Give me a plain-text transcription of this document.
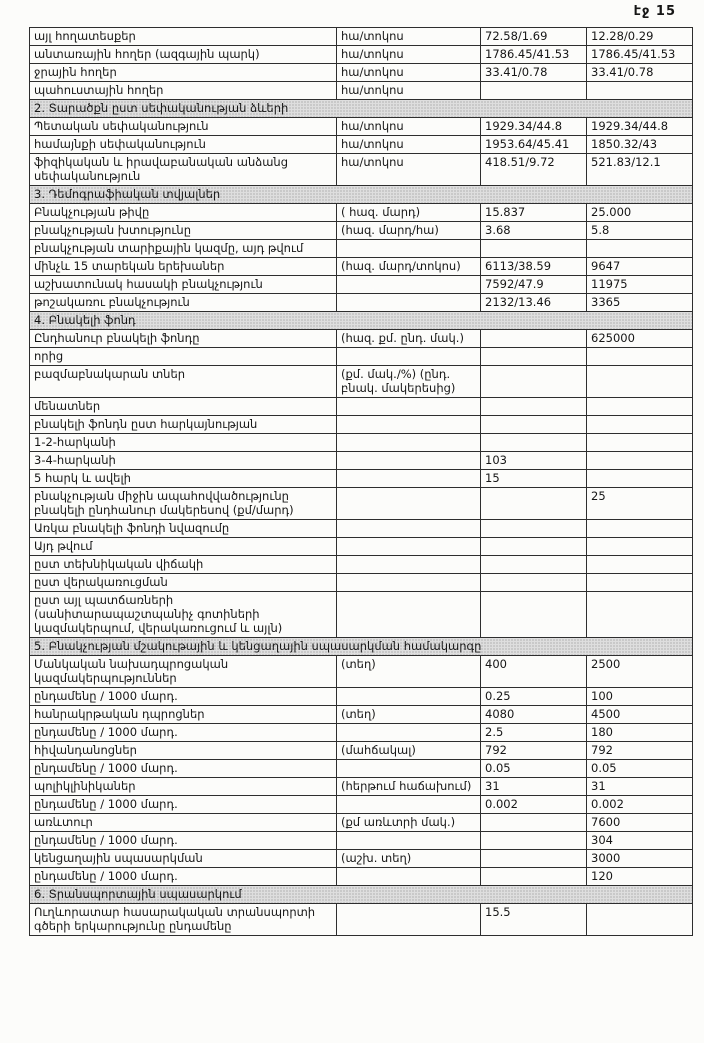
էջ 15
այլ հողատեսքեր	հա/տոկոս	72.58/1.69	12.28/0.29
անտառային հողեր (ազգային պարկ)	հա/տոկոս	1786.45/41.53	1786.45/41.53
ջրային հողեր	հա/տոկոս	33.41/0.78	33.41/0.78
պահուստային հողեր	հա/տոկոս		
2. Տարածքն ըստ սեփականության ձևերի			
Պետական սեփականություն	հա/տոկոս	1929.34/44.8	1929.34/44.8
համայնքի սեփականություն	հա/տոկոս	1953.64/45.41	1850.32/43
ֆիզիկական և իրավաբանական անձանց սեփականություն	հա/տոկոս	418.51/9.72	521.83/12.1
3. Դեմոգրաֆիական տվյալներ			
Բնակչության թիվը	( հազ. մարդ)	15.837	25.000
բնակչության խտությունը	(հազ. մարդ/հա)	3.68	5.8
բնակչության տարիքային կազմը, այդ թվում			
մինչև 15 տարեկան երեխաներ	(հազ. մարդ/տոկոս)	6113/38.59	9647
աշխատունակ հասակի բնակչություն		7592/47.9	11975
թոշակառու բնակչություն		2132/13.46	3365
4. Բնակելի ֆոնդ			
Ընդհանուր բնակելի ֆոնդը	(հազ. քմ. ընդ. մակ.)		625000
որից			
բազմաբնակարան տներ	(քմ. մակ./%) (ընդ. բնակ. մակերեսից)		
մենատներ			
բնակելի ֆոնդն ըստ հարկայնության			
1-2-հարկանի			
3-4-հարկանի		103	
5 հարկ և ավելի		15	
բնակչության միջին ապահովվածությունը բնակելի ընդհանուր մակերեսով (քմ/մարդ)			25
Առկա բնակելի ֆոնդի նվազումը			
Այդ թվում			
ըստ տեխնիկական վիճակի			
ըստ վերակառուցման			
ըստ այլ պատճառների (սանիտարապաշտպանիչ գոտիների կազմակերպում, վերակառուցում և այլն)			
5. Բնակչության մշակութային և կենցաղային սպասարկման համակարգը			
Մանկական նախադպրոցական կազմակերպություններ	(տեղ)	400	2500
ընդամենը / 1000 մարդ.		0.25	100
հանրակրթական դպրոցներ	(տեղ)	4080	4500
ընդամենը / 1000 մարդ.		2.5	180
հիվանդանոցներ	(մահճակալ)	792	792
ընդամենը / 1000 մարդ.		0.05	0.05
պոլիկլինիկաներ	(հերթում հաճախում)	31	31
ընդամենը / 1000 մարդ.		0.002	0.002
առևտուր	(քմ առևտրի մակ.)		7600
ընդամենը / 1000 մարդ.			304
կենցաղային սպասարկման	(աշխ. տեղ)		3000
ընդամենը / 1000 մարդ.			120
6. Տրանսպորտային սպասարկում			
Ուղևորատար հասարակական տրանսպորտի գծերի երկարությունը ընդամենը		15.5	
